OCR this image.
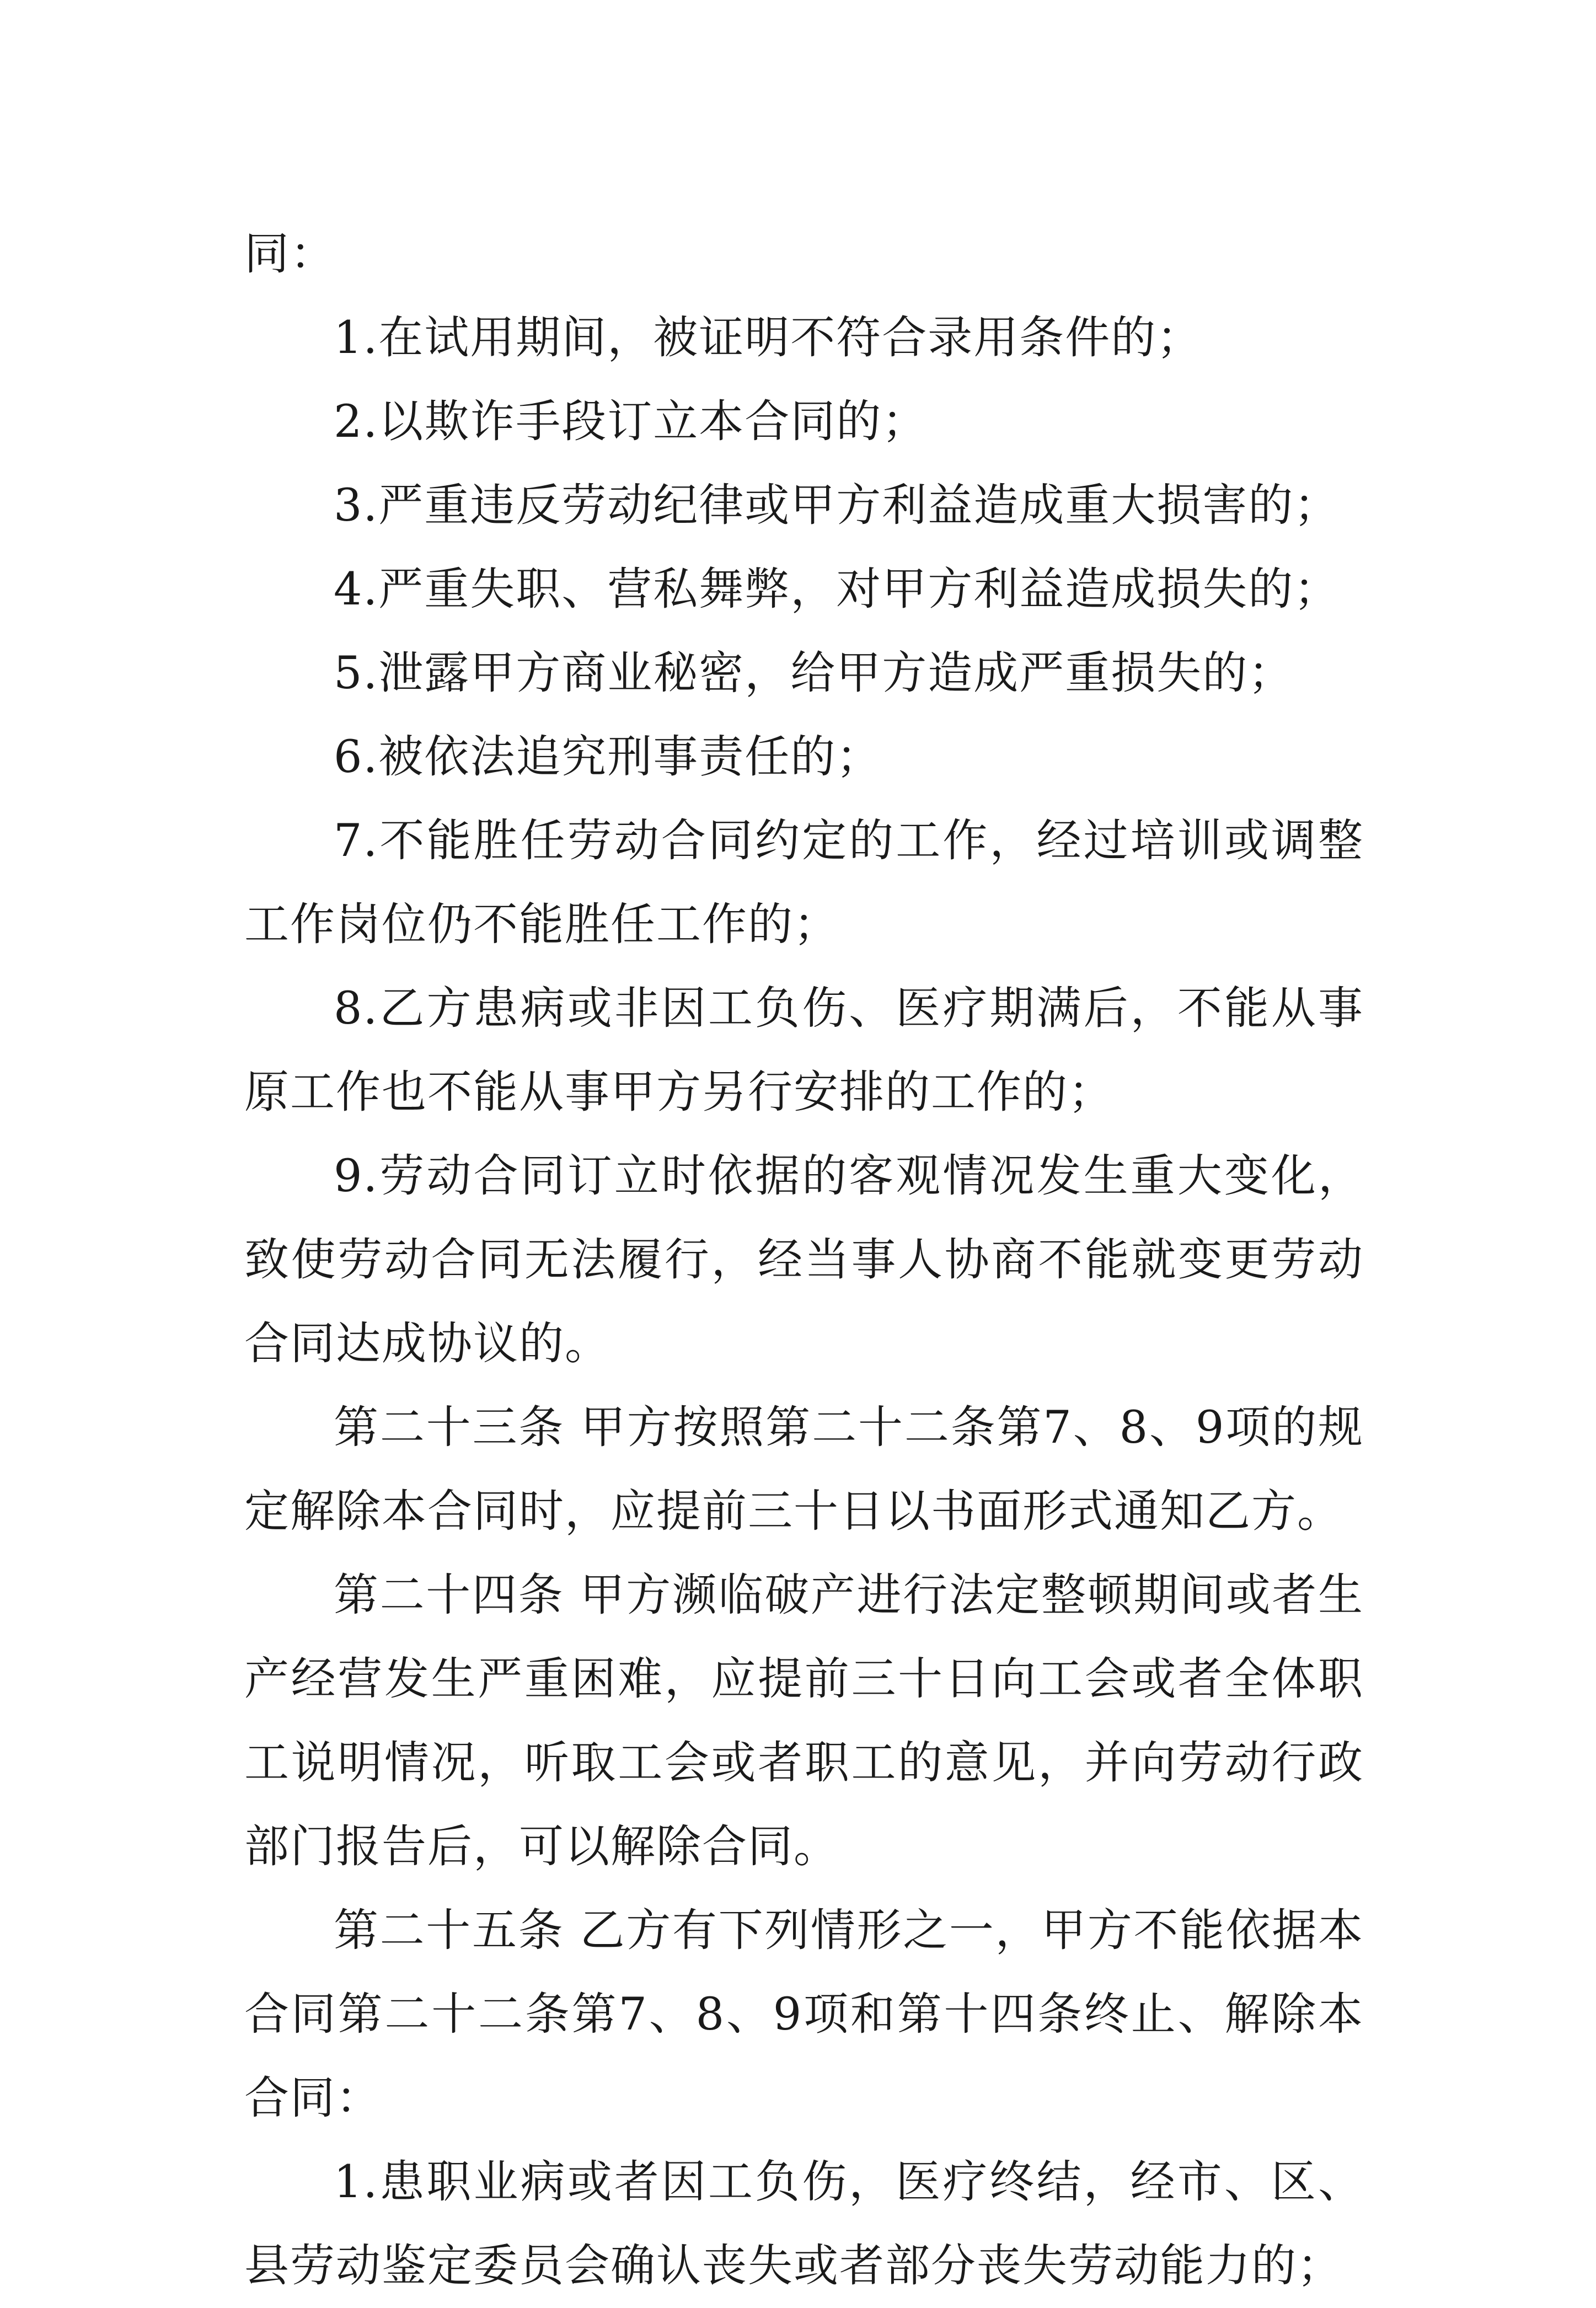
同：

1.在试用期间，被证明不符合录用条件的；

2.以欺诈手段订立本合同的；

3.严重违反劳动纪律或甲方利益造成重大损害的；

4.严重失职、营私舞弊，对甲方利益造成损失的；

5.泄露甲方商业秘密，给甲方造成严重损失的；

6.被依法追究刑事责任的；

7.不能胜任劳动合同约定的工作，经过培训或调整工作岗位仍不能胜任工作的；

8.乙方患病或非因工负伤、医疗期满后，不能从事原工作也不能从事甲方另行安排的工作的；

9.劳动合同订立时依据的客观情况发生重大变化，致使劳动合同无法履行，经当事人协商不能就变更劳动合同达成协议的。

第二十三条 甲方按照第二十二条第7、8、9项的规定解除本合同时，应提前三十日以书面形式通知乙方。

第二十四条 甲方濒临破产进行法定整顿期间或者生产经营发生严重困难，应提前三十日向工会或者全体职工说明情况，听取工会或者职工的意见，并向劳动行政部门报告后，可以解除合同。

第二十五条 乙方有下列情形之一，甲方不能依据本合同第二十二条第7、8、9项和第十四条终止、解除本合同：

1.患职业病或者因工负伤，医疗终结，经市、区、县劳动鉴定委员会确认丧失或者部分丧失劳动能力的；
